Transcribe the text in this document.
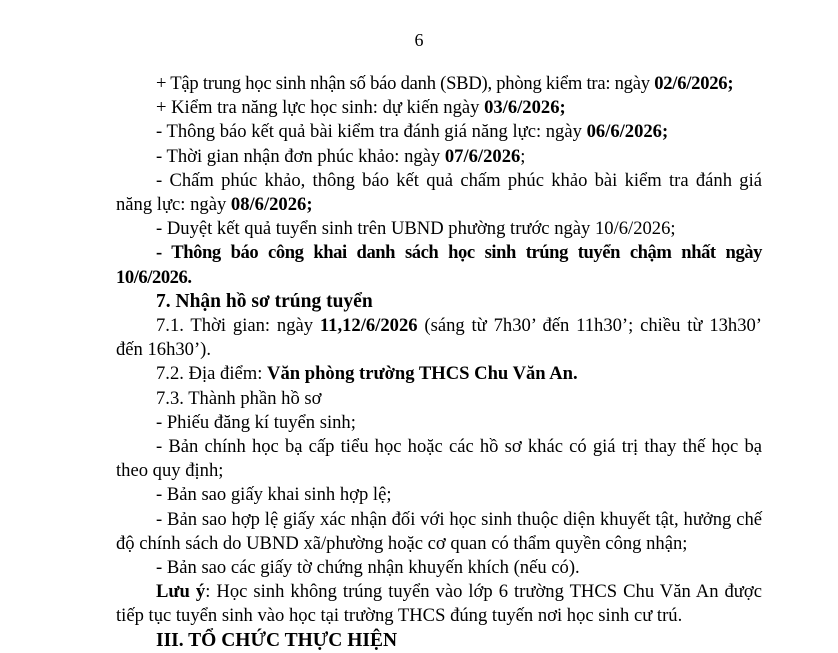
6

+ Tập trung học sinh nhận số báo danh (SBD), phòng kiểm tra: ngày 02/6/2026;

+ Kiểm tra năng lực học sinh: dự kiến ngày 03/6/2026;

- Thông báo kết quả bài kiểm tra đánh giá năng lực: ngày 06/6/2026;

- Thời gian nhận đơn phúc khảo: ngày 07/6/2026;

- Chấm phúc khảo, thông báo kết quả chấm phúc khảo bài kiểm tra đánh giá năng lực: ngày 08/6/2026;

- Duyệt kết quả tuyển sinh trên UBND phường trước ngày 10/6/2026;

- Thông báo công khai danh sách học sinh trúng tuyển chậm nhất ngày 10/6/2026.

7. Nhận hồ sơ trúng tuyển

7.1. Thời gian: ngày 11,12/6/2026 (sáng từ 7h30’ đến 11h30’; chiều từ 13h30’ đến 16h30’).

7.2. Địa điểm: Văn phòng trường THCS Chu Văn An.

7.3. Thành phần hồ sơ

- Phiếu đăng kí tuyển sinh;

- Bản chính học bạ cấp tiểu học hoặc các hồ sơ khác có giá trị thay thế học bạ theo quy định;

- Bản sao giấy khai sinh hợp lệ;

- Bản sao hợp lệ giấy xác nhận đối với học sinh thuộc diện khuyết tật, hưởng chế độ chính sách do UBND xã/phường hoặc cơ quan có thẩm quyền công nhận;

- Bản sao các giấy tờ chứng nhận khuyến khích (nếu có).

Lưu ý: Học sinh không trúng tuyển vào lớp 6 trường THCS Chu Văn An được tiếp tục tuyển sinh vào học tại trường THCS đúng tuyến nơi học sinh cư trú.

III. TỔ CHỨC THỰC HIỆN
